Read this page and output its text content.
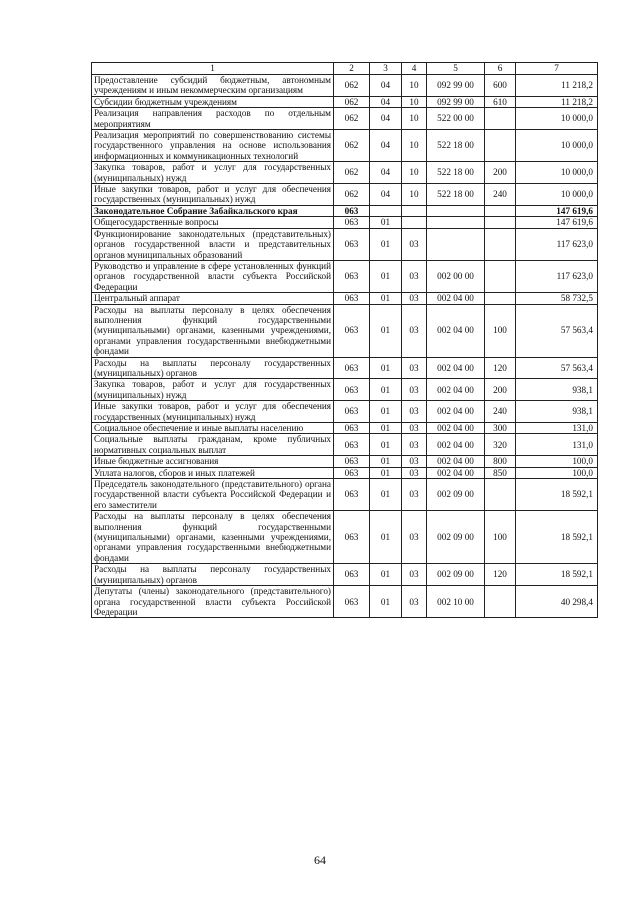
1	2	3	4	5	6	7
Предоставление субсидий бюджетным, автономным учреждениям и иным некоммерческим организациям	062	04	10	092 99 00	600	11 218,2
Субсидии бюджетным учреждениям	062	04	10	092 99 00	610	11 218,2
Реализация направления расходов по отдельным мероприятиям	062	04	10	522 00 00		10 000,0
Реализация мероприятий по совершенствованию системы государственного управления на основе использования информационных и коммуникационных технологий	062	04	10	522 18 00		10 000,0
Закупка товаров, работ и услуг для государственных (муниципальных) нужд	062	04	10	522 18 00	200	10 000,0
Иные закупки товаров, работ и услуг для обеспечения государственных (муниципальных) нужд	062	04	10	522 18 00	240	10 000,0
Законодательное Собрание Забайкальского края	063					147 619,6
Общегосударственные вопросы	063	01				147 619,6
Функционирование законодательных (представительных) органов государственной власти и представительных органов муниципальных образований	063	01	03			117 623,0
Руководство и управление в сфере установленных функций органов государственной власти субъекта Российской Федерации	063	01	03	002 00 00		117 623,0
Центральный аппарат	063	01	03	002 04 00		58 732,5
Расходы на выплаты персоналу в целях обеспечения выполнения функций государственными (муниципальными) органами, казенными учреждениями, органами управления государственными внебюджетными фондами	063	01	03	002 04 00	100	57 563,4
Расходы на выплаты персоналу государственных (муниципальных) органов	063	01	03	002 04 00	120	57 563,4
Закупка товаров, работ и услуг для государственных (муниципальных) нужд	063	01	03	002 04 00	200	938,1
Иные закупки товаров, работ и услуг для обеспечения государственных (муниципальных) нужд	063	01	03	002 04 00	240	938,1
Социальное обеспечение и иные выплаты населению	063	01	03	002 04 00	300	131,0
Социальные выплаты гражданам, кроме публичных нормативных социальных выплат	063	01	03	002 04 00	320	131,0
Иные бюджетные ассигнования	063	01	03	002 04 00	800	100,0
Уплата налогов, сборов и иных платежей	063	01	03	002 04 00	850	100,0
Председатель законодательного (представительного) органа государственной власти субъекта Российской Федерации и его заместители	063	01	03	002 09 00		18 592,1
Расходы на выплаты персоналу в целях обеспечения выполнения функций государственными (муниципальными) органами, казенными учреждениями, органами управления государственными внебюджетными фондами	063	01	03	002 09 00	100	18 592,1
Расходы на выплаты персоналу государственных (муниципальных) органов	063	01	03	002 09 00	120	18 592,1
Депутаты (члены) законодательного (представительного) органа государственной власти субъекта Российской Федерации	063	01	03	002 10 00		40 298,4
64
